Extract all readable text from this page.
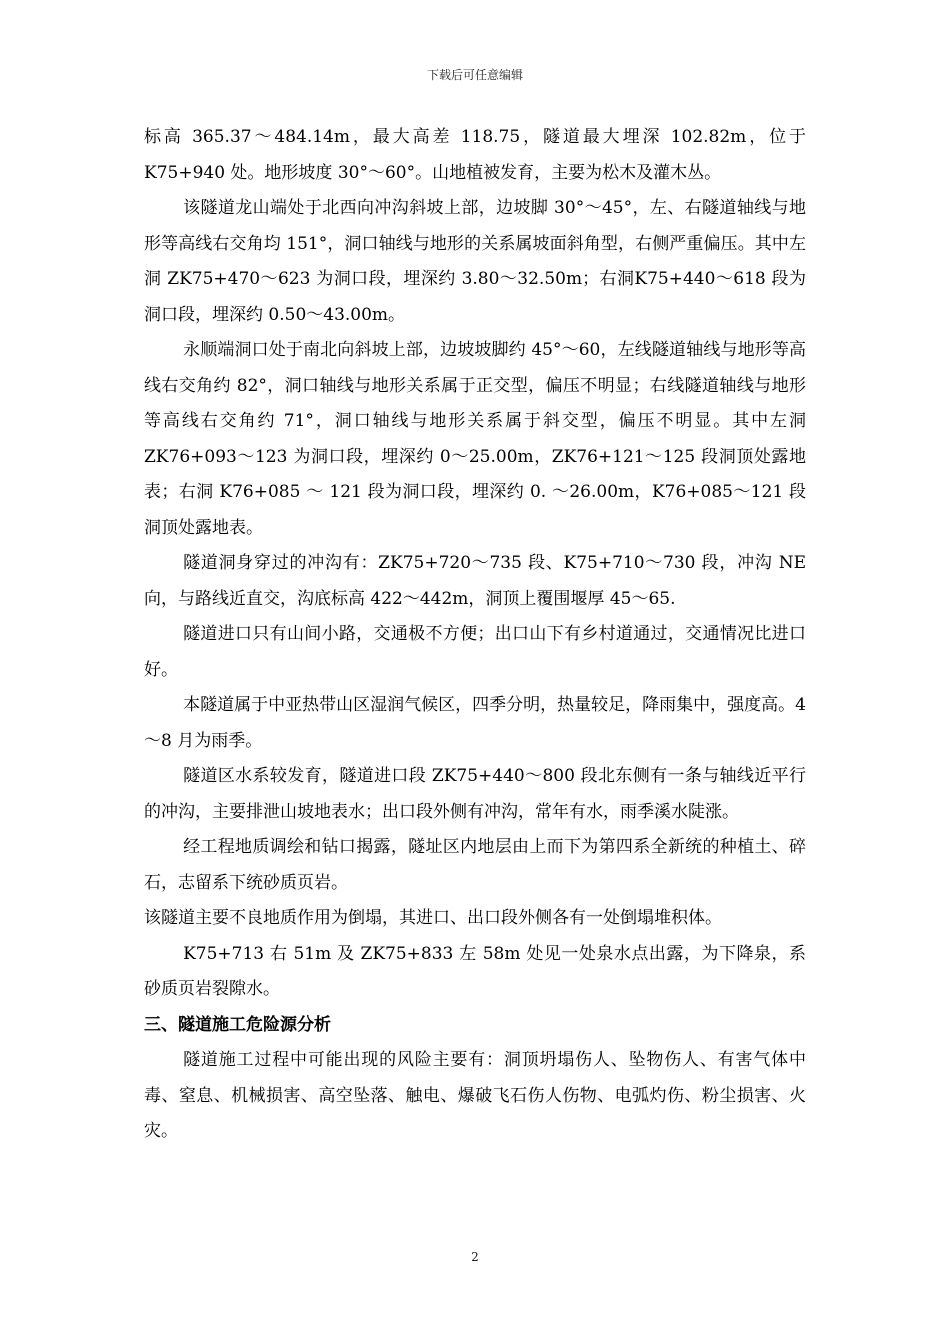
下载后可任意编辑

标高 365.37～484.14m，最大高差 118.75，隧道最大埋深 102.82m，位于K75+940 处。地形坡度 30°～60°。山地植被发育，主要为松木及灌木丛。

该隧道龙山端处于北西向冲沟斜坡上部，边坡脚 30°～45°，左、右隧道轴线与地形等高线右交角均 151°，洞口轴线与地形的关系属坡面斜角型，右侧严重偏压。其中左洞 ZK75+470～623 为洞口段，埋深约 3.80～32.50m；右洞K75+440～618 段为洞口段，埋深约 0.50～43.00m。

永顺端洞口处于南北向斜坡上部，边坡坡脚约 45°～60，左线隧道轴线与地形等高线右交角约 82°，洞口轴线与地形关系属于正交型，偏压不明显；右线隧道轴线与地形等高线右交角约 71°，洞口轴线与地形关系属于斜交型，偏压不明显。其中左洞 ZK76+093～123 为洞口段，埋深约 0～25.00m，ZK76+121～125 段洞顶处露地表；右洞 K76+085 ～ 121 段为洞口段，埋深约 0. ～26.00m，K76+085～121 段洞顶处露地表。

隧道洞身穿过的冲沟有：ZK75+720～735 段、K75+710～730 段，冲沟 NE向，与路线近直交，沟底标高 422～442m，洞顶上覆围堰厚 45～65.

隧道进口只有山间小路，交通极不方便；出口山下有乡村道通过，交通情况比进口好。

本隧道属于中亚热带山区湿润气候区，四季分明，热量较足，降雨集中，强度高。4～8 月为雨季。

隧道区水系较发育，隧道进口段 ZK75+440～800 段北东侧有一条与轴线近平行的冲沟，主要排泄山坡地表水；出口段外侧有冲沟，常年有水，雨季溪水陡涨。

经工程地质调绘和钻口揭露，隧址区内地层由上而下为第四系全新统的种植土、碎石，志留系下统砂质页岩。

该隧道主要不良地质作用为倒塌，其进口、出口段外侧各有一处倒塌堆积体。

K75+713 右 51m 及 ZK75+833 左 58m 处见一处泉水点出露，为下降泉，系砂质页岩裂隙水。

三、隧道施工危险源分析

隧道施工过程中可能出现的风险主要有：洞顶坍塌伤人、坠物伤人、有害气体中毒、窒息、机械损害、高空坠落、触电、爆破飞石伤人伤物、电弧灼伤、粉尘损害、火灾。

2
